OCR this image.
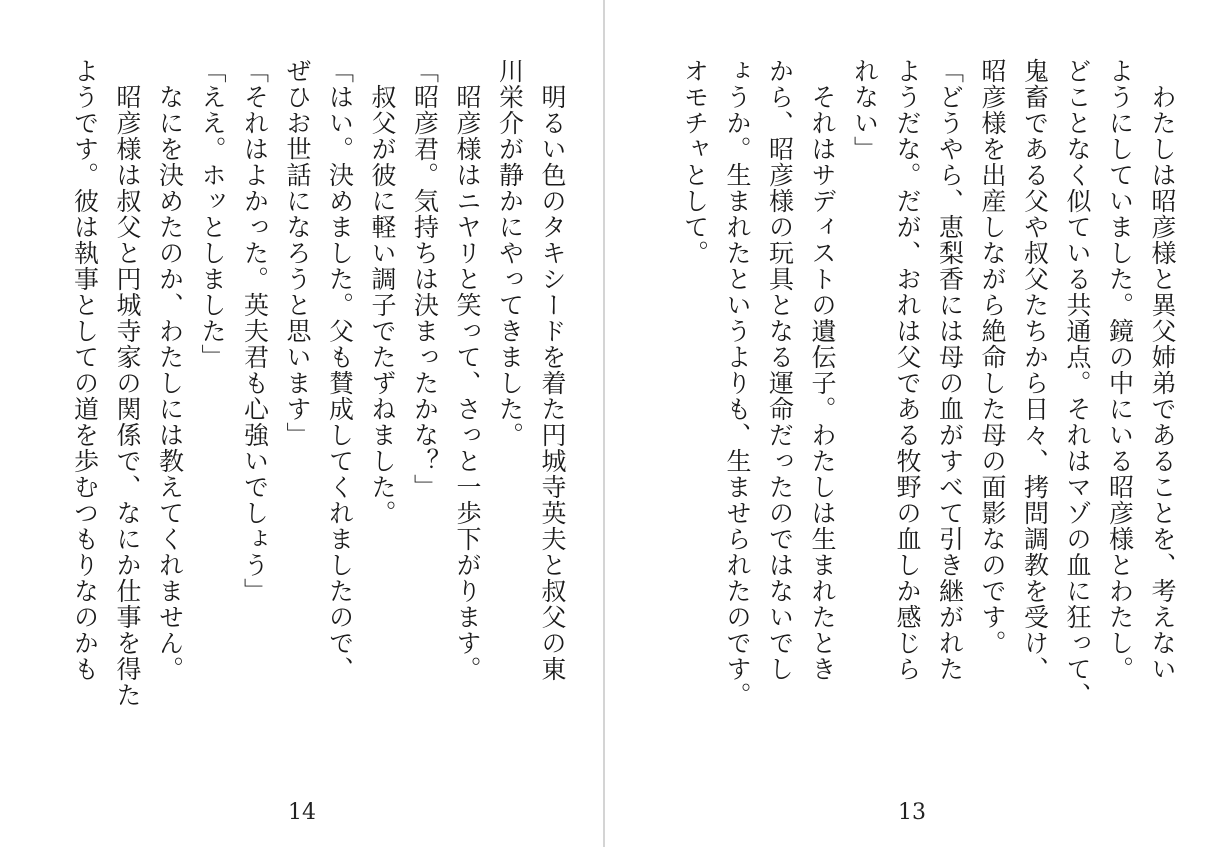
　明るい色のタキシードを着た円城寺英夫と叔父の東
川栄介が静かにやってきました。
　昭彦様はニヤリと笑って、さっと一歩下がります。
「昭彦君。気持ちは決まったかな？」
　叔父が彼に軽い調子でたずねました。
「はい。決めました。父も賛成してくれましたので、
ぜひお世話になろうと思います」
「それはよかった。英夫君も心強いでしょう」
「ええ。ホッとしました」
　なにを決めたのか、わたしには教えてくれません。
　昭彦様は叔父と円城寺家の関係で、なにか仕事を得た
ようです。彼は執事としての道を歩むつもりなのかも
14
　わたしは昭彦様と異父姉弟であることを、考えない
ようにしていました。鏡の中にいる昭彦様とわたし。
どことなく似ている共通点。それはマゾの血に狂って、
鬼畜である父や叔父たちから日々、拷問調教を受け、
昭彦様を出産しながら絶命した母の面影なのです。
「どうやら、恵梨香には母の血がすべて引き継がれた
ようだな。だが、おれは父である牧野の血しか感じら
れない」
　それはサディストの遺伝子。わたしは生まれたとき
から、昭彦様の玩具となる運命だったのではないでし
ょうか。生まれたというよりも、生ませられたのです。
オモチャとして。
13
